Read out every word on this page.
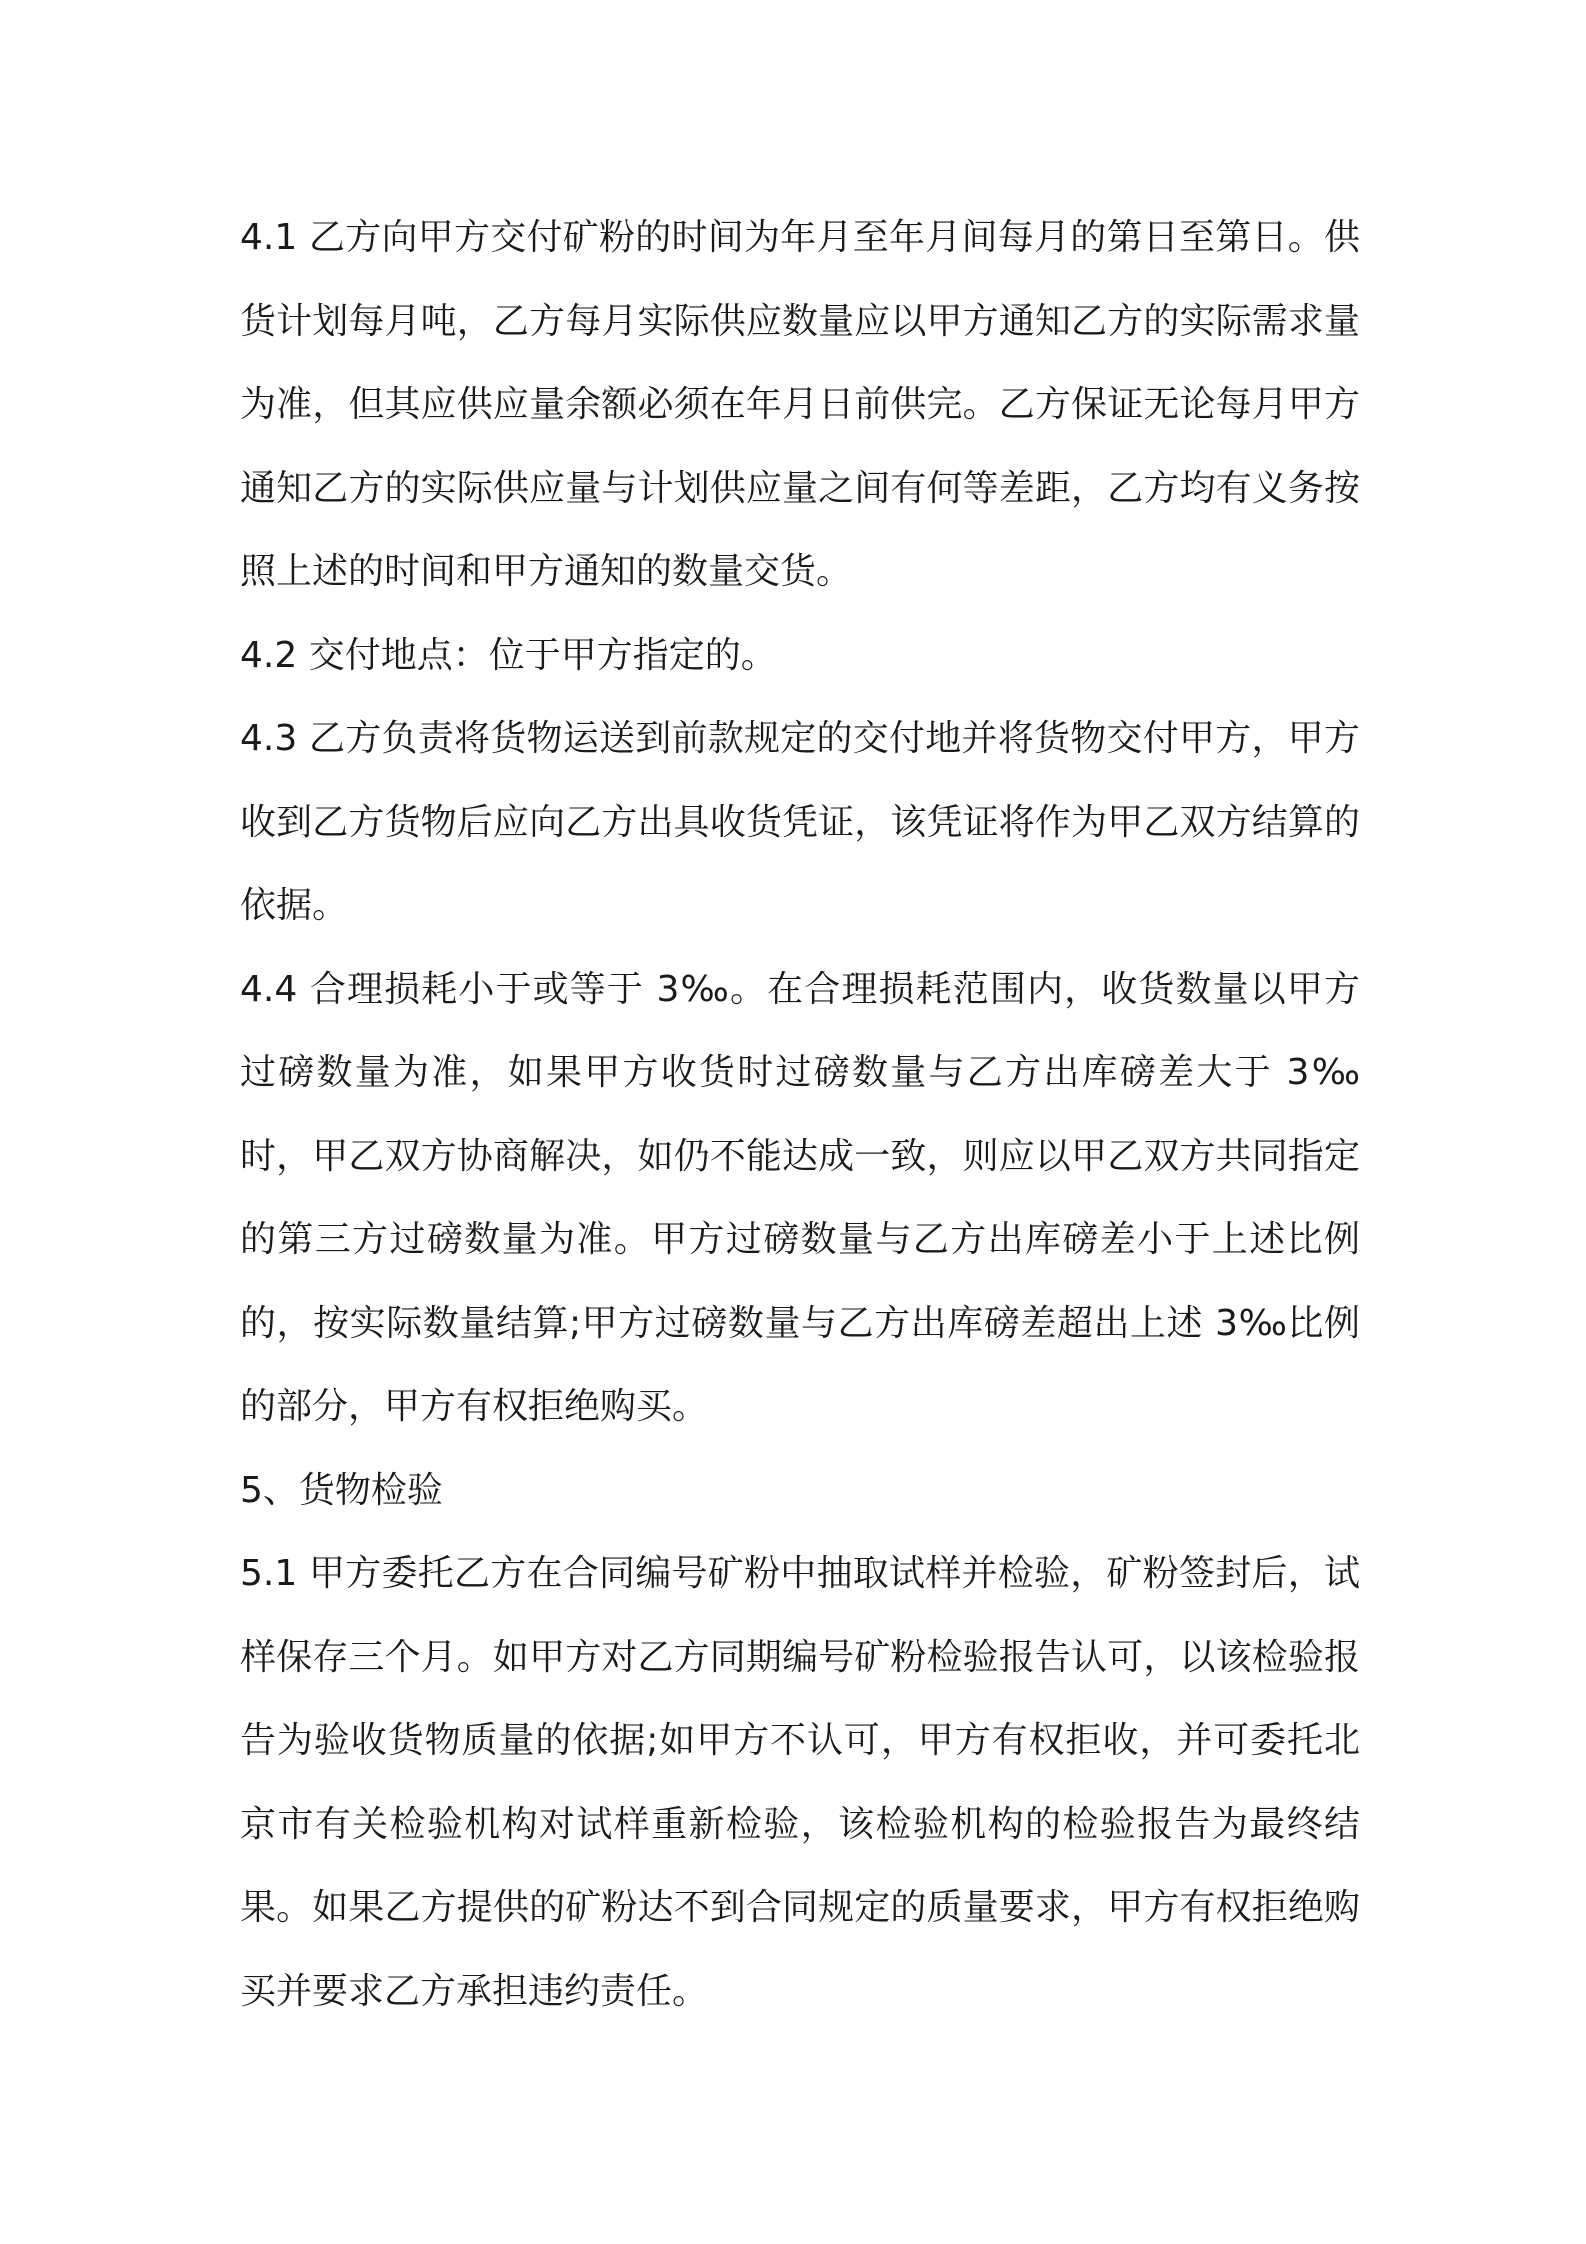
4.1 乙方向甲方交付矿粉的时间为年月至年月间每月的第日至第日。供货计划每月吨，乙方每月实际供应数量应以甲方通知乙方的实际需求量为准，但其应供应量余额必须在年月日前供完。乙方保证无论每月甲方通知乙方的实际供应量与计划供应量之间有何等差距，乙方均有义务按照上述的时间和甲方通知的数量交货。

4.2 交付地点：位于甲方指定的。

4.3 乙方负责将货物运送到前款规定的交付地并将货物交付甲方，甲方收到乙方货物后应向乙方出具收货凭证，该凭证将作为甲乙双方结算的依据。

4.4 合理损耗小于或等于 3‰。在合理损耗范围内，收货数量以甲方过磅数量为准，如果甲方收货时过磅数量与乙方出库磅差大于 3‰时，甲乙双方协商解决，如仍不能达成一致，则应以甲乙双方共同指定的第三方过磅数量为准。甲方过磅数量与乙方出库磅差小于上述比例的，按实际数量结算;甲方过磅数量与乙方出库磅差超出上述 3‰比例的部分，甲方有权拒绝购买。

5、货物检验

5.1 甲方委托乙方在合同编号矿粉中抽取试样并检验，矿粉签封后，试样保存三个月。如甲方对乙方同期编号矿粉检验报告认可，以该检验报告为验收货物质量的依据;如甲方不认可，甲方有权拒收，并可委托北京市有关检验机构对试样重新检验，该检验机构的检验报告为最终结果。如果乙方提供的矿粉达不到合同规定的质量要求，甲方有权拒绝购买并要求乙方承担违约责任。
